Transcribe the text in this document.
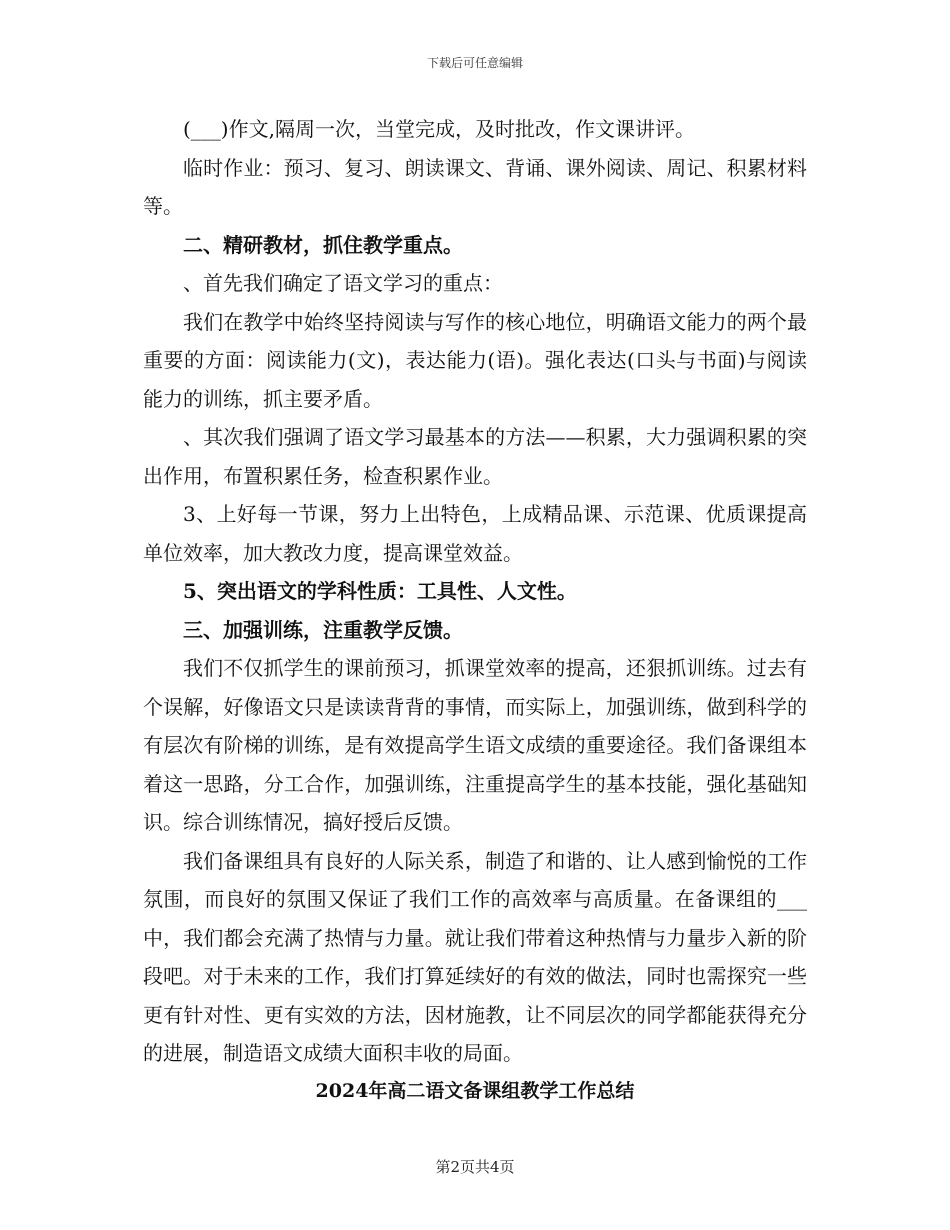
下载后可任意编辑

(___)作文,隔周一次，当堂完成，及时批改，作文课讲评。

临时作业：预习、复习、朗读课文、背诵、课外阅读、周记、积累材料等。

二、精研教材，抓住教学重点。

、首先我们确定了语文学习的重点：

我们在教学中始终坚持阅读与写作的核心地位，明确语文能力的两个最重要的方面：阅读能力(文)，表达能力(语)。强化表达(口头与书面)与阅读能力的训练，抓主要矛盾。

、其次我们强调了语文学习最基本的方法——积累，大力强调积累的突出作用，布置积累任务，检查积累作业。

3、上好每一节课，努力上出特色，上成精品课、示范课、优质课提高单位效率，加大教改力度，提高课堂效益。

5、突出语文的学科性质：工具性、人文性。

三、加强训练，注重教学反馈。

我们不仅抓学生的课前预习，抓课堂效率的提高，还狠抓训练。过去有个误解，好像语文只是读读背背的事情，而实际上，加强训练，做到科学的有层次有阶梯的训练，是有效提高学生语文成绩的重要途径。我们备课组本着这一思路，分工合作，加强训练，注重提高学生的基本技能，强化基础知识。综合训练情况，搞好授后反馈。

我们备课组具有良好的人际关系，制造了和谐的、让人感到愉悦的工作氛围，而良好的氛围又保证了我们工作的高效率与高质量。在备课组的___中，我们都会充满了热情与力量。就让我们带着这种热情与力量步入新的阶段吧。对于未来的工作，我们打算延续好的有效的做法，同时也需探究一些更有针对性、更有实效的方法，因材施教，让不同层次的同学都能获得充分的进展，制造语文成绩大面积丰收的局面。

2024年高二语文备课组教学工作总结
第2页共4页
